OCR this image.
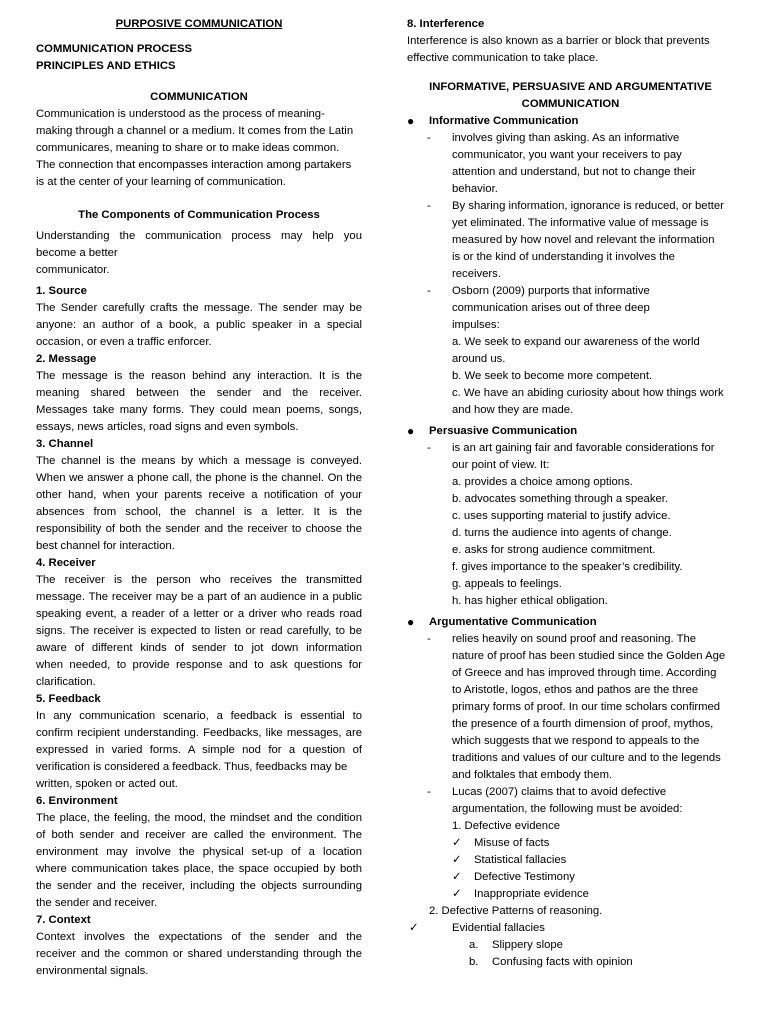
PURPOSIVE COMMUNICATION
COMMUNICATION PROCESS
PRINCIPLES AND ETHICS
COMMUNICATION
Communication is understood as the process of meaning-
making through a channel or a medium. It comes from the Latin
communicares, meaning to share or to make ideas common.
The connection that encompasses interaction among partakers
is at the center of your learning of communication.
The Components of Communication Process
Understanding the communication process may help you
become a better
communicator.
1. Source
The Sender carefully crafts the message. The sender may be
anyone: an author of a book, a public speaker in a special
occasion, or even a traffic enforcer.
2. Message
The message is the reason behind any interaction. It is the
meaning shared between the sender and the receiver.
Messages take many forms. They could mean poems, songs,
essays, news articles, road signs and even symbols.
3. Channel
The channel is the means by which a message is conveyed.
When we answer a phone call, the phone is the channel. On the
other hand, when your parents receive a notification of your
absences from school, the channel is a letter. It is the
responsibility of both the sender and the receiver to choose the
best channel for interaction.
4. Receiver
The receiver is the person who receives the transmitted
message. The receiver may be a part of an audience in a public
speaking event, a reader of a letter or a driver who reads road
signs. The receiver is expected to listen or read carefully, to be
aware of different kinds of sender to jot down information
when needed, to provide response and to ask questions for
clarification.
5. Feedback
In any communication scenario, a feedback is essential to
confirm recipient understanding. Feedbacks, like messages, are
expressed in varied forms. A simple nod for a question of
verification is considered a feedback. Thus, feedbacks may be
written, spoken or acted out.
6. Environment
The place, the feeling, the mood, the mindset and the condition
of both sender and receiver are called the environment. The
environment may involve the physical set-up of a location
where communication takes place, the space occupied by both
the sender and the receiver, including the objects surrounding
the sender and receiver.
7. Context
Context involves the expectations of the sender and the
receiver and the common or shared understanding through the
environmental signals.
8. Interference
Interference is also known as a barrier or block that prevents
effective communication to take place.
INFORMATIVE, PERSUASIVE AND ARGUMENTATIVE
COMMUNICATION
●	Informative Communication
- involves giving than asking. As an informative
communicator, you want your receivers to pay
attention and understand, but not to change their
behavior.
- By sharing information, ignorance is reduced, or better
yet eliminated. The informative value of message is
measured by how novel and relevant the information
is or the kind of understanding it involves the
receivers.
- Osborn (2009) purports that informative
communication arises out of three deep
impulses:
a. We seek to expand our awareness of the world
around us.
b. We seek to become more competent.
c. We have an abiding curiosity about how things work
and how they are made.
●	Persuasive Communication
- is an art gaining fair and favorable considerations for
our point of view. It:
a. provides a choice among options.
b. advocates something through a speaker.
c. uses supporting material to justify advice.
d. turns the audience into agents of change.
e. asks for strong audience commitment.
f. gives importance to the speaker’s credibility.
g. appeals to feelings.
h. has higher ethical obligation.
●	Argumentative Communication
- relies heavily on sound proof and reasoning. The
nature of proof has been studied since the Golden Age
of Greece and has improved through time. According
to Aristotle, logos, ethos and pathos are the three
primary forms of proof. In our time scholars confirmed
the presence of a fourth dimension of proof, mythos,
which suggests that we respond to appeals to the
traditions and values of our culture and to the legends
and folktales that embody them.
- Lucas (2007) claims that to avoid defective
argumentation, the following must be avoided:
1. Defective evidence
✓ Misuse of facts
✓ Statistical fallacies
✓ Defective Testimony
✓ Inappropriate evidence
2. Defective Patterns of reasoning.
✓	Evidential fallacies
a. Slippery slope
b. Confusing facts with opinion
